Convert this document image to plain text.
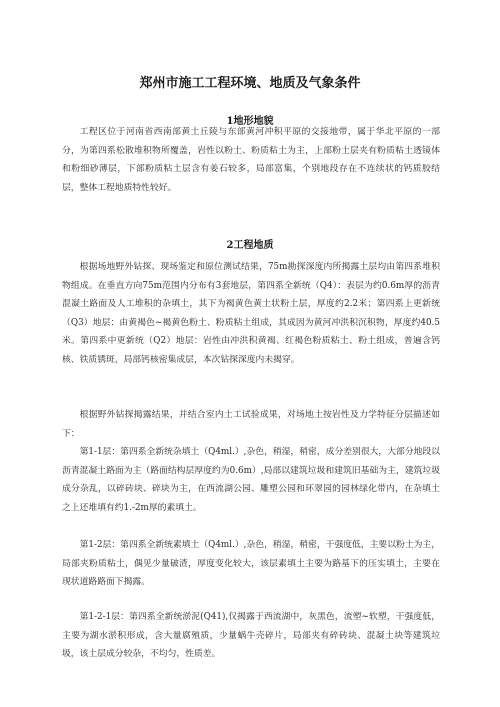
郑州市施工工程环境、地质及气象条件
1地形地貌

工程区位于河南省西南部黄土丘陵与东部黄河冲积平原的交接地带，属于华北平原的一部分，为第四系松散堆积物所覆盖，岩性以粉土、粉质粘土为主，上部粉土层夹有粉质粘土透镜体和粉细砂薄层，下部粉质粘土层含有姜石较多，局部富集，个别地段存在不连续状的钙质胶结层，整体工程地质特性较好。

2工程地质

根据场地野外钻探、现场鉴定和原位测试结果，75m勘探深度内所揭露土层均由第四系堆积物组成。在垂直方向75m范围内分布有3套地层，第四系全新统（Q4）：表层为约0.6m厚的沥青混凝土路面及人工堆积的杂填土，其下为褐黄色黄土状粉土层，厚度约2.2米；第四系上更新统（Q3）地层：由黄褐色~褐黄色粉土、粉质粘土组成，其成因为黄河冲洪积沉积物，厚度约40.5米。第四系中更新统（Q2）地层：岩性由冲洪积黄褐、红褐色粉质粘土、粉土组成，普遍含钙核、铁质锈斑，局部钙核密集成层，本次钻探深度内未揭穿。

根据野外钻探揭露结果，并结合室内土工试验成果，对场地土按岩性及力学特征分层描述如下：

第1-1层：第四系全新统杂填土（Q4ml.）,杂色，稍湿，稍密，成分差别很大，大部分地段以沥青混凝土路面为主（路面结构层厚度约为0.6m）,局部以建筑垃圾和建筑旧基础为主，建筑垃圾成分杂乱，以碎砖块、碎块为主，在西流湖公园、雕塑公园和环翠园的园林绿化带内，在杂填土之上还堆填有约1.-2m厚的素填土。

第1-2层：第四系全新统素填土（Q4ml.）,杂色，稍湿，稍密，干强度低，主要以粉土为主，局部夹粉质粘土，偶见少量破渣，厚度变化较大，该层素填土主要为路基下的压实填土，主要在现状道路路面下揭露。

第1-2-1层：第四系全新统淤泥(Q41),仅揭露于西流湖中，灰黑色，流塑~软塑，干强度低，主要为湖水淤积形成，含大量腐殖质，少量蜗牛壳碎片，局部夹有碎砖块、混凝土块等建筑垃圾，该土层成分较杂，不均匀，性质差。
